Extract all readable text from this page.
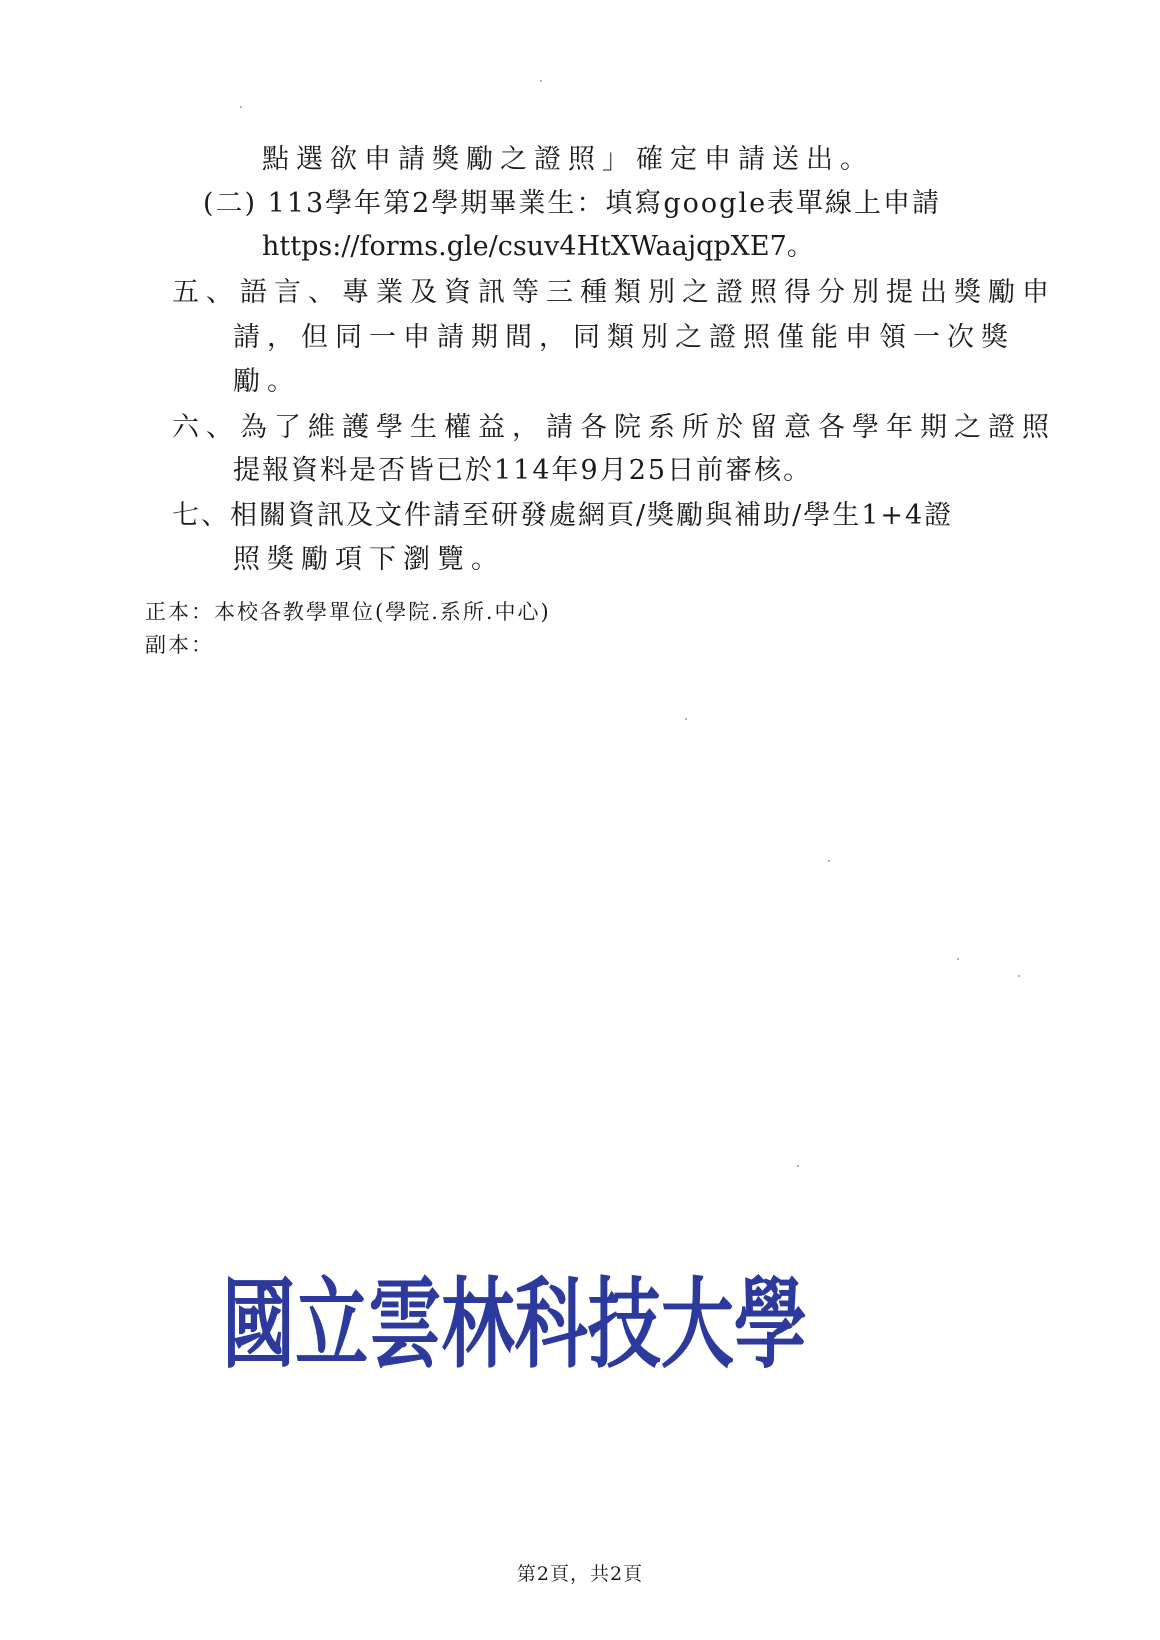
點選欲申請獎勵之證照」確定申請送出。
(二) 113學年第2學期畢業生：填寫google表單線上申請
https://forms.gle/csuv4HtXWaajqpXE7。
五、語言、專業及資訊等三種類別之證照得分別提出獎勵申
請，但同一申請期間，同類別之證照僅能申領一次獎
勵。
六、為了維護學生權益，請各院系所於留意各學年期之證照
提報資料是否皆已於114年9月25日前審核。
七、相關資訊及文件請至研發處網頁/獎勵與補助/學生1+4證
照獎勵項下瀏覽。
正本：本校各教學單位(學院.系所.中心)
副本：
國立雲林科技大學
第2頁，共2頁
